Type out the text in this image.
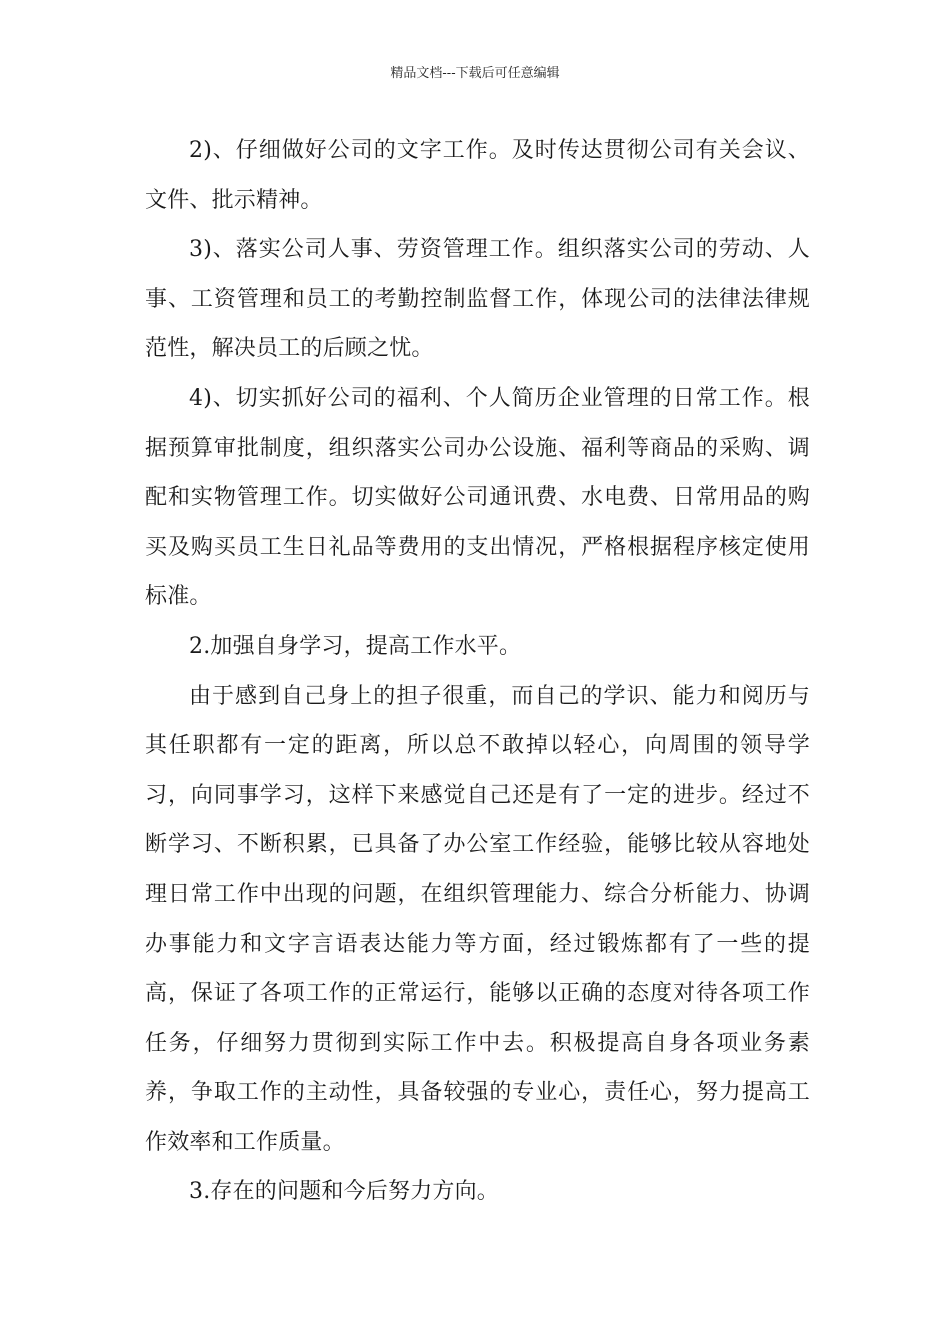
精品文档---下载后可任意编辑

2)、仔细做好公司的文字工作。及时传达贯彻公司有关会议、文件、批示精神。

3)、落实公司人事、劳资管理工作。组织落实公司的劳动、人事、工资管理和员工的考勤控制监督工作，体现公司的法律法律规范性，解决员工的后顾之忧。

4)、切实抓好公司的福利、个人简历企业管理的日常工作。根据预算审批制度，组织落实公司办公设施、福利等商品的采购、调配和实物管理工作。切实做好公司通讯费、水电费、日常用品的购买及购买员工生日礼品等费用的支出情况，严格根据程序核定使用标准。

2.加强自身学习，提高工作水平。

由于感到自己身上的担子很重，而自己的学识、能力和阅历与其任职都有一定的距离，所以总不敢掉以轻心，向周围的领导学习，向同事学习，这样下来感觉自己还是有了一定的进步。经过不断学习、不断积累，已具备了办公室工作经验，能够比较从容地处理日常工作中出现的问题，在组织管理能力、综合分析能力、协调办事能力和文字言语表达能力等方面，经过锻炼都有了一些的提高，保证了各项工作的正常运行，能够以正确的态度对待各项工作任务，仔细努力贯彻到实际工作中去。积极提高自身各项业务素养，争取工作的主动性，具备较强的专业心，责任心，努力提高工作效率和工作质量。

3.存在的问题和今后努力方向。
